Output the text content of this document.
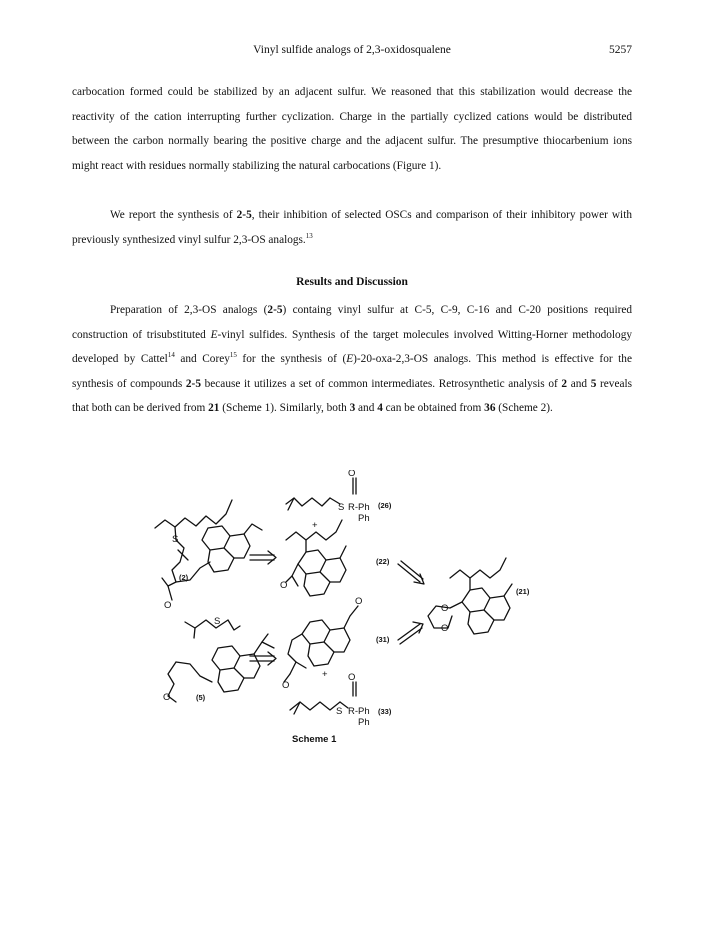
Vinyl sulfide analogs of 2,3-oxidosqualene	5257

carbocation formed could be stabilized by an adjacent sulfur. We reasoned that this stabilization would decrease the reactivity of the cation interrupting further cyclization. Charge in the partially cyclized cations would be distributed between the carbon normally bearing the positive charge and the adjacent sulfur. The presumptive thiocarbenium ions might react with residues normally stabilizing the natural carbocations (Figure 1).

We report the synthesis of 2-5, their inhibition of selected OSCs and comparison of their inhibitory power with previously synthesized vinyl sulfur 2,3-OS analogs.$^{13}$

Results and Discussion

Preparation of 2,3-OS analogs (2-5) containg vinyl sulfur at C-5, C-9, C-16 and C-20 positions required construction of trisubstituted E-vinyl sulfides. Synthesis of the target molecules involved Witting-Horner methodology developed by Cattel$^{14}$ and Corey$^{15}$ for the synthesis of (E)-20-oxa-2,3-OS analogs. This method is effective for the synthesis of compounds 2-5 because it utilizes a set of common intermediates. Retrosynthetic analysis of 2 and 5 reveals that both can be derived from 21 (Scheme 1). Similarly, both 3 and 4 can be obtained from 36 (Scheme 2).

O
S R-Ph
Ph
+
S
O
O
S
O
O
O
+ O
S R-Ph
Ph
O
O
(26)
(22)
(2)
(21)
(31)
(5)
(33)
Scheme 1
